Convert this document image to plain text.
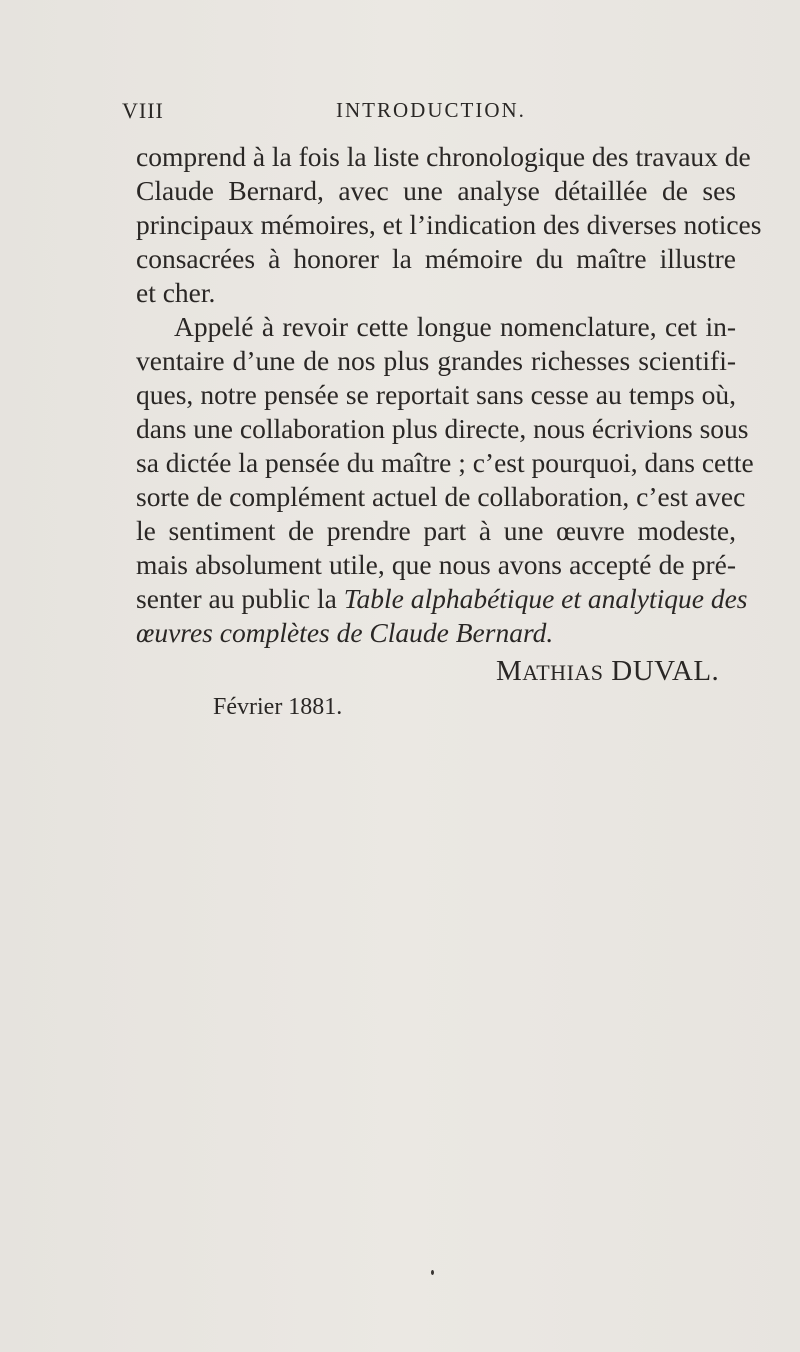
VIII	INTRODUCTION.
comprend à la fois la liste chronologique des travaux de
Claude Bernard, avec une analyse détaillée de ses
principaux mémoires, et l’indication des diverses notices
consacrées à honorer la mémoire du maître illustre
et cher.
Appelé à revoir cette longue nomenclature, cet in-
ventaire d’une de nos plus grandes richesses scientifi-
ques, notre pensée se reportait sans cesse au temps où,
dans une collaboration plus directe, nous écrivions sous
sa dictée la pensée du maître ; c’est pourquoi, dans cette
sorte de complément actuel de collaboration, c’est avec
le sentiment de prendre part à une œuvre modeste,
mais absolument utile, que nous avons accepté de pré-
senter au public la Table alphabétique et analytique des
œuvres complètes de Claude Bernard.
MATHIAS DUVAL.
Février 1881.
